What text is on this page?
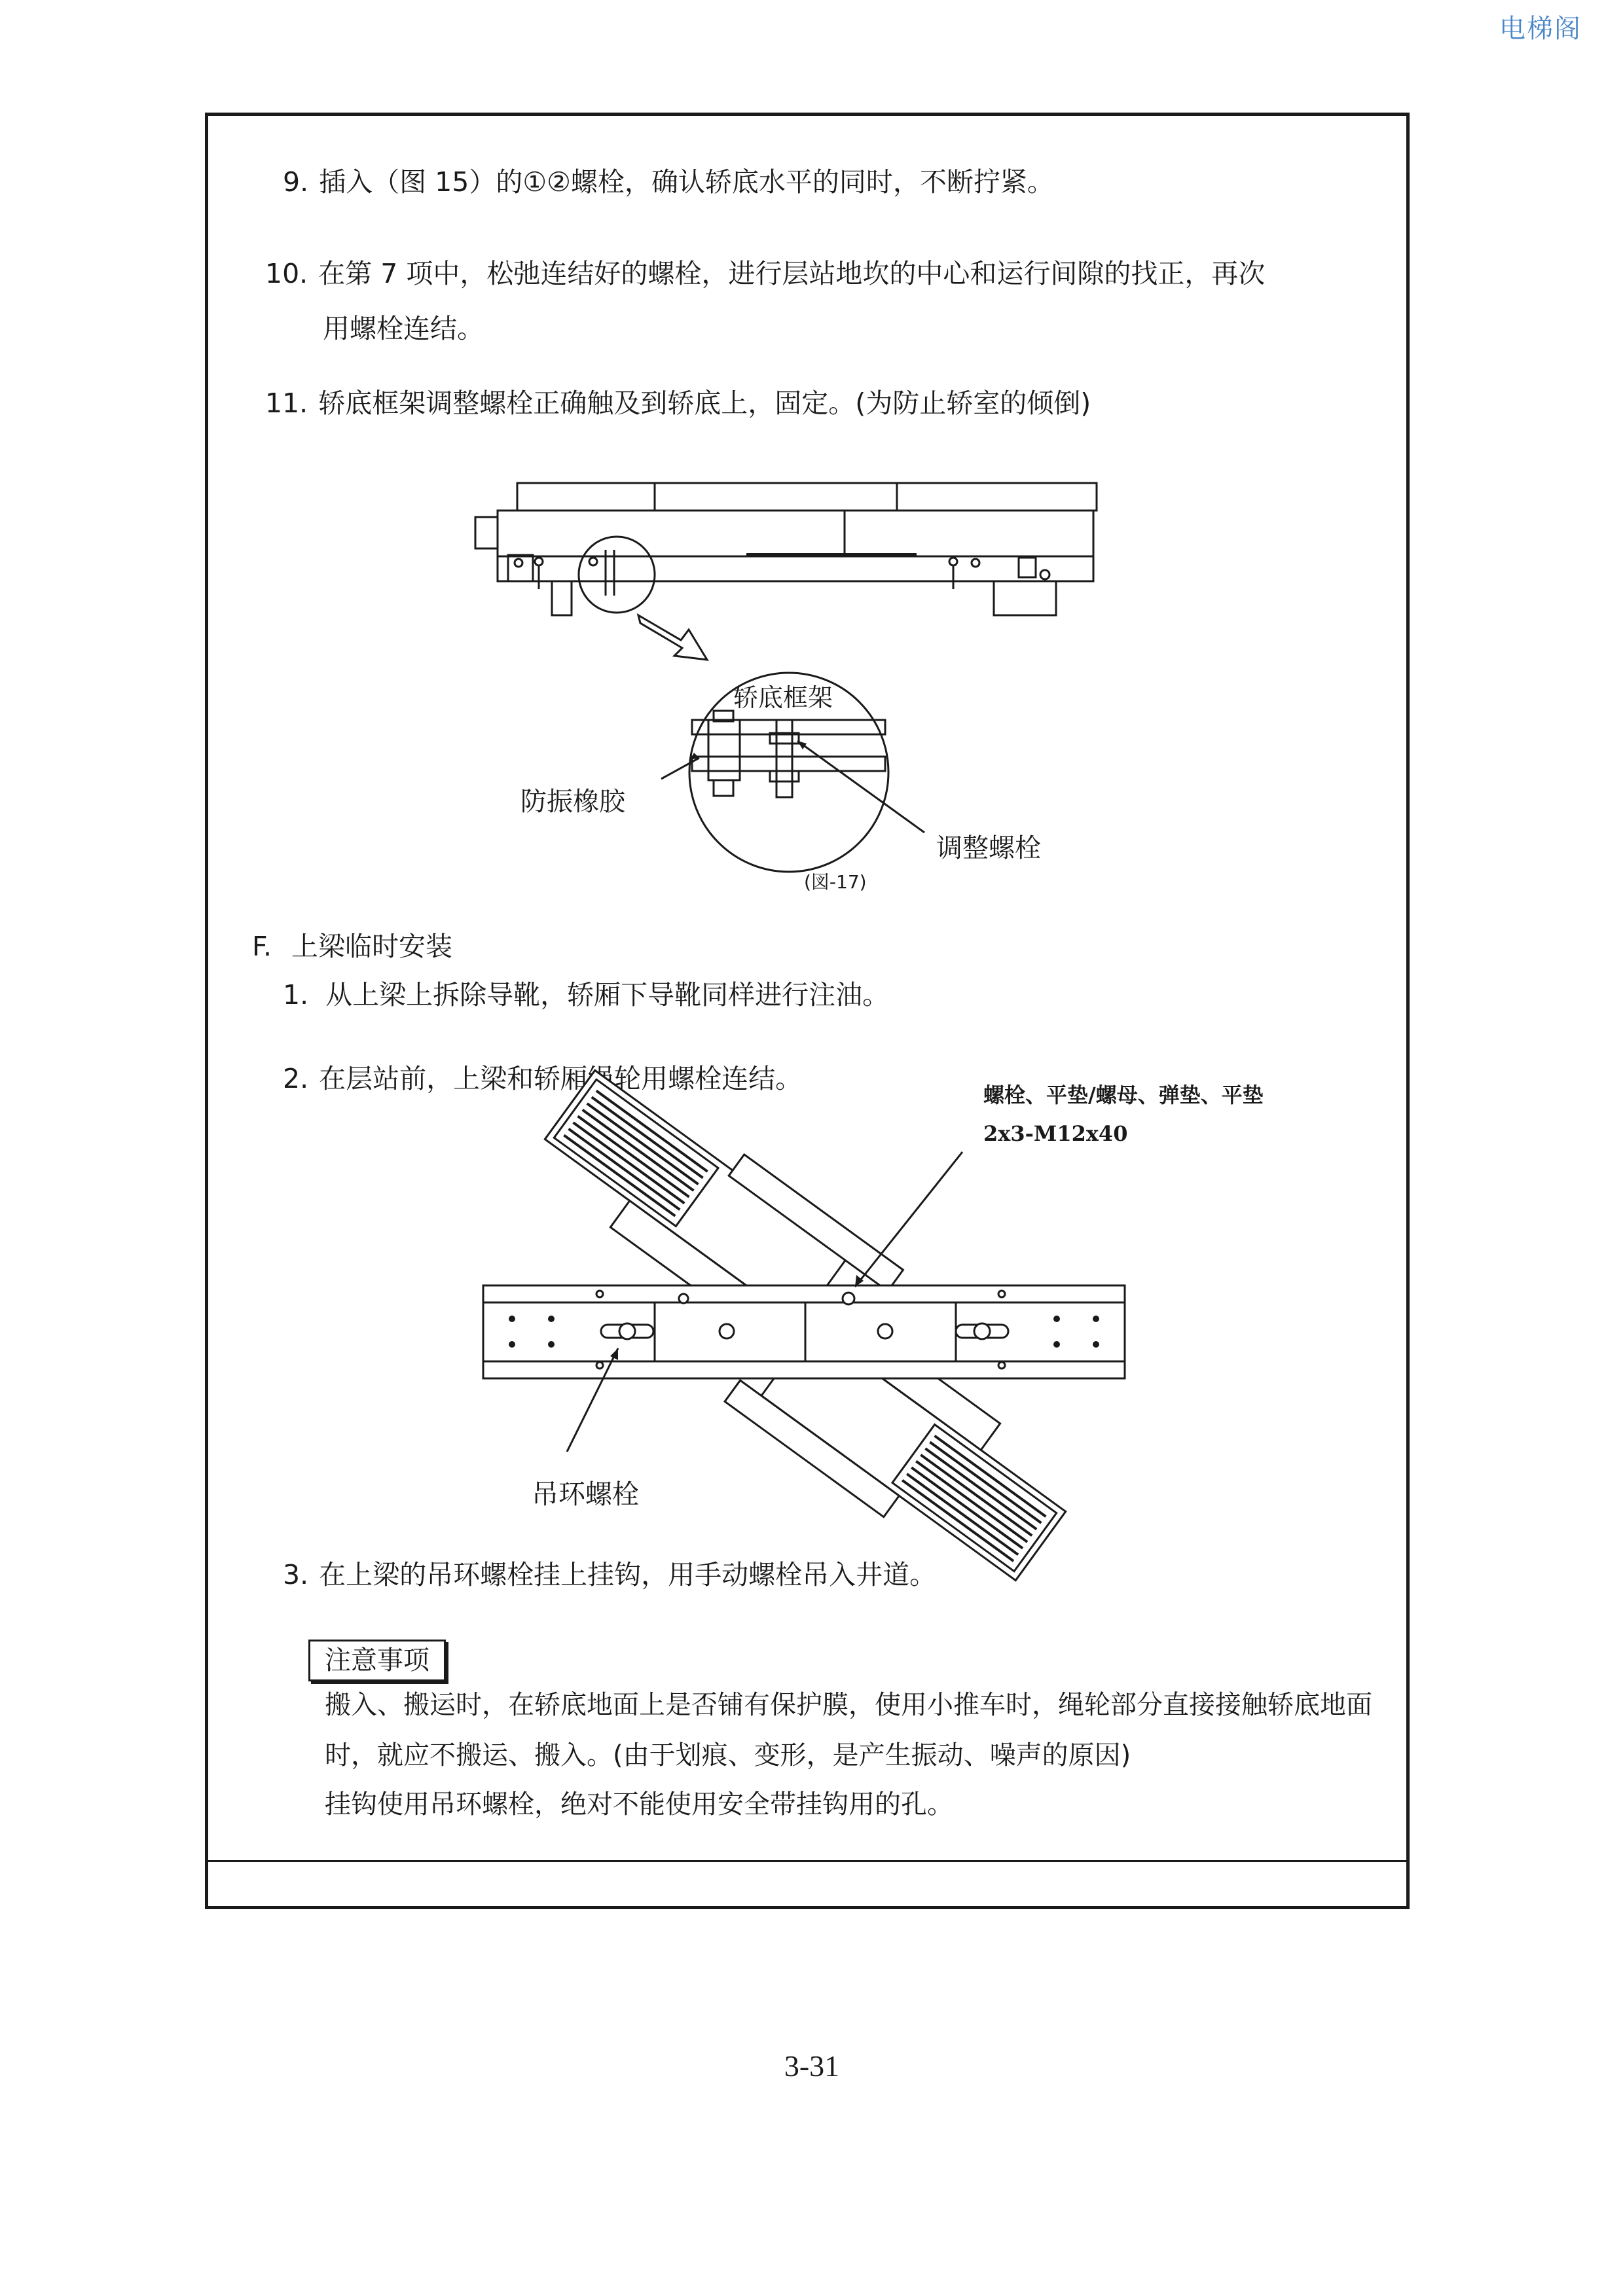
电梯阁
9. 插入（图 15）的①②螺栓，确认轿底水平的同时，不断拧紧。
10. 在第 7 项中，松弛连结好的螺栓，进行层站地坎的中心和运行间隙的找正，再次
用螺栓连结。
11. 轿底框架调整螺栓正确触及到轿底上，固定。(为防止轿室的倾倒)
轿底框架
防振橡胶
调整螺栓
(図-17)
F. 上梁临时安装
1. 从上梁上拆除导靴，轿厢下导靴同样进行注油。
2. 在层站前，上梁和轿厢绳轮用螺栓连结。
螺栓、平垫/螺母、弹垫、平垫
2x3-M12x40
吊环螺栓
3. 在上梁的吊环螺栓挂上挂钩，用手动螺栓吊入井道。
注意事项
搬入、搬运时，在轿底地面上是否铺有保护膜，使用小推车时，绳轮部分直接接触轿底地面
时，就应不搬运、搬入。(由于划痕、变形，是产生振动、噪声的原因)
挂钩使用吊环螺栓，绝对不能使用安全带挂钩用的孔。
3-31
